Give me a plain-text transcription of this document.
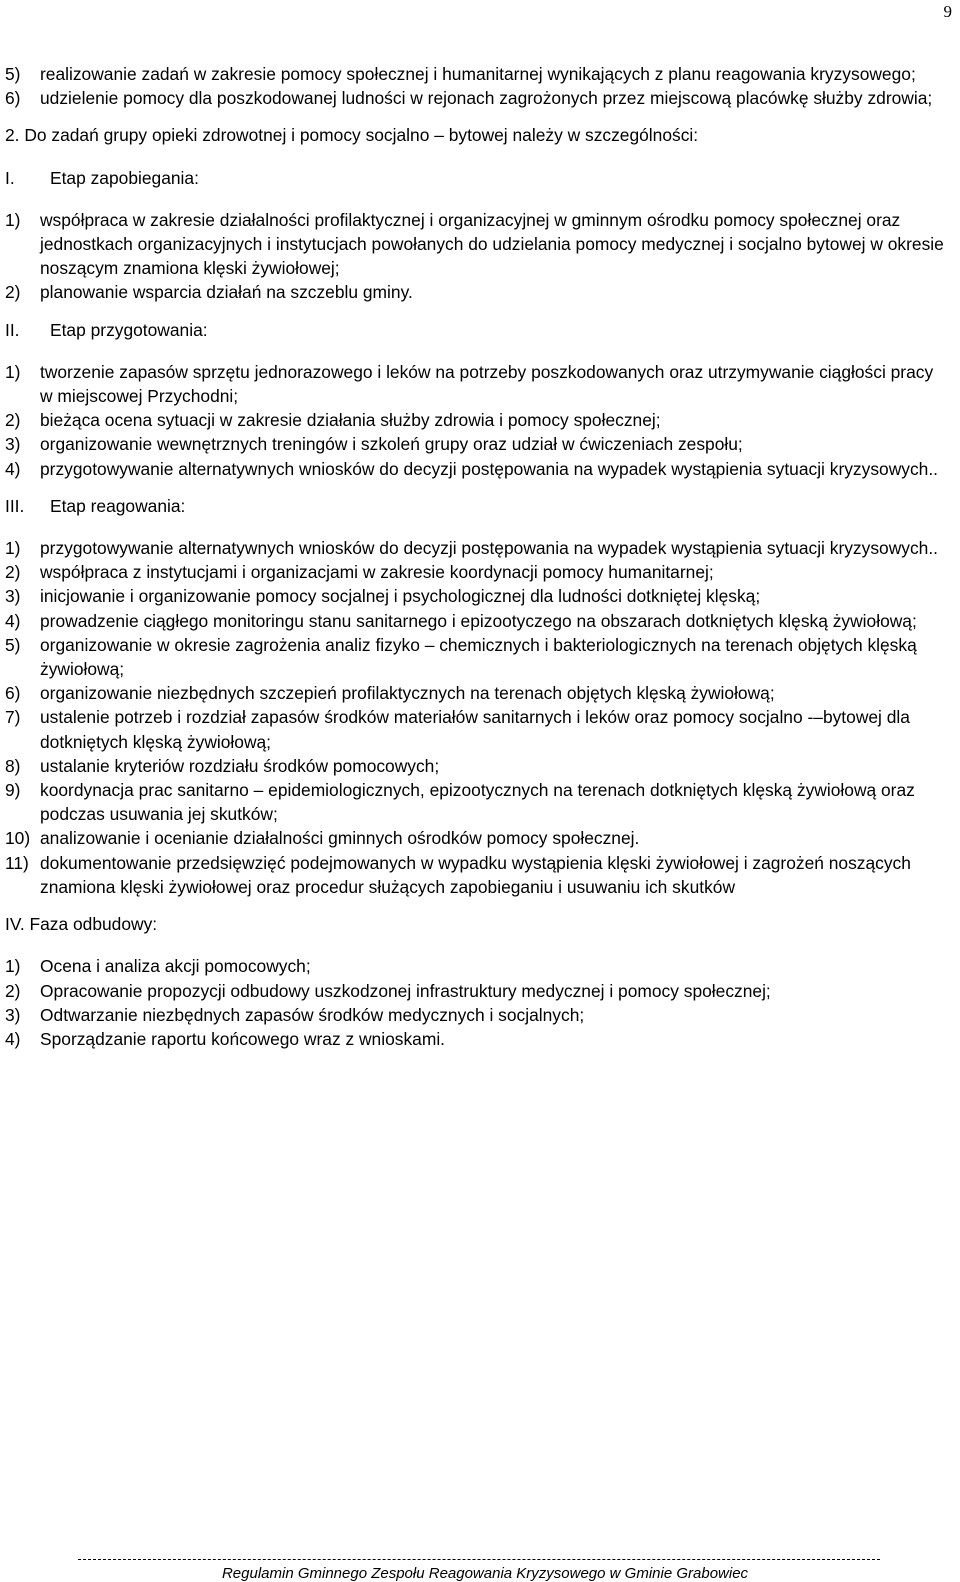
9
5)	realizowanie zadań w zakresie pomocy społecznej i humanitarnej wynikających z planu reagowania kryzysowego;
6)	udzielenie pomocy dla poszkodowanej ludności w rejonach zagrożonych przez miejscową placówkę służby zdrowia;
2. Do zadań grupy opieki zdrowotnej i pomocy socjalno – bytowej należy w szczególności:
I.	Etap zapobiegania:
1)	współpraca w zakresie działalności profilaktycznej i organizacyjnej w gminnym ośrodku pomocy społecznej oraz jednostkach organizacyjnych i instytucjach powołanych do udzielania pomocy medycznej i socjalno bytowej w okresie noszącym znamiona klęski żywiołowej;
2)	planowanie wsparcia działań na szczeblu gminy.
II.	Etap przygotowania:
1)	tworzenie zapasów sprzętu jednorazowego i leków na potrzeby poszkodowanych oraz utrzymywanie ciągłości pracy w miejscowej Przychodni;
2)	bieżąca ocena sytuacji w zakresie działania służby zdrowia i pomocy społecznej;
3)	organizowanie wewnętrznych treningów i szkoleń grupy oraz udział w ćwiczeniach zespołu;
4)	przygotowywanie alternatywnych wniosków do decyzji postępowania na wypadek wystąpienia sytuacji kryzysowych..
III.	Etap reagowania:
1)	przygotowywanie alternatywnych wniosków do decyzji postępowania na wypadek wystąpienia sytuacji kryzysowych..
2)	współpraca z instytucjami i organizacjami w zakresie koordynacji pomocy humanitarnej;
3)	inicjowanie i organizowanie pomocy socjalnej i psychologicznej dla ludności dotkniętej klęską;
4)	prowadzenie ciągłego monitoringu stanu sanitarnego i epizootyczego na obszarach dotkniętych klęską żywiołową;
5)	organizowanie w okresie zagrożenia analiz fizyko – chemicznych i bakteriologicznych na terenach objętych klęską żywiołową;
6)	organizowanie niezbędnych szczepień profilaktycznych na terenach objętych klęską żywiołową;
7)	ustalenie potrzeb i rozdział zapasów środków materiałów sanitarnych i leków oraz pomocy socjalno -–bytowej dla dotkniętych klęską żywiołową;
8)	ustalanie kryteriów rozdziału środków pomocowych;
9)	koordynacja prac sanitarno – epidemiologicznych, epizootycznych na terenach dotkniętych klęską żywiołową oraz podczas usuwania jej skutków;
10) analizowanie i ocenianie działalności gminnych ośrodków pomocy społecznej.
11) dokumentowanie przedsięwzięć podejmowanych w wypadku wystąpienia klęski żywiołowej i zagrożeń noszących znamiona klęski żywiołowej oraz procedur służących zapobieganiu i usuwaniu ich skutków
IV. Faza odbudowy:
1)	Ocena i analiza akcji pomocowych;
2)	Opracowanie propozycji odbudowy uszkodzonej infrastruktury medycznej i pomocy społecznej;
3)	Odtwarzanie niezbędnych zapasów środków medycznych i socjalnych;
4)	Sporządzanie raportu końcowego wraz z wnioskami.
Regulamin Gminnego Zespołu Reagowania Kryzysowego w Gminie Grabowiec
